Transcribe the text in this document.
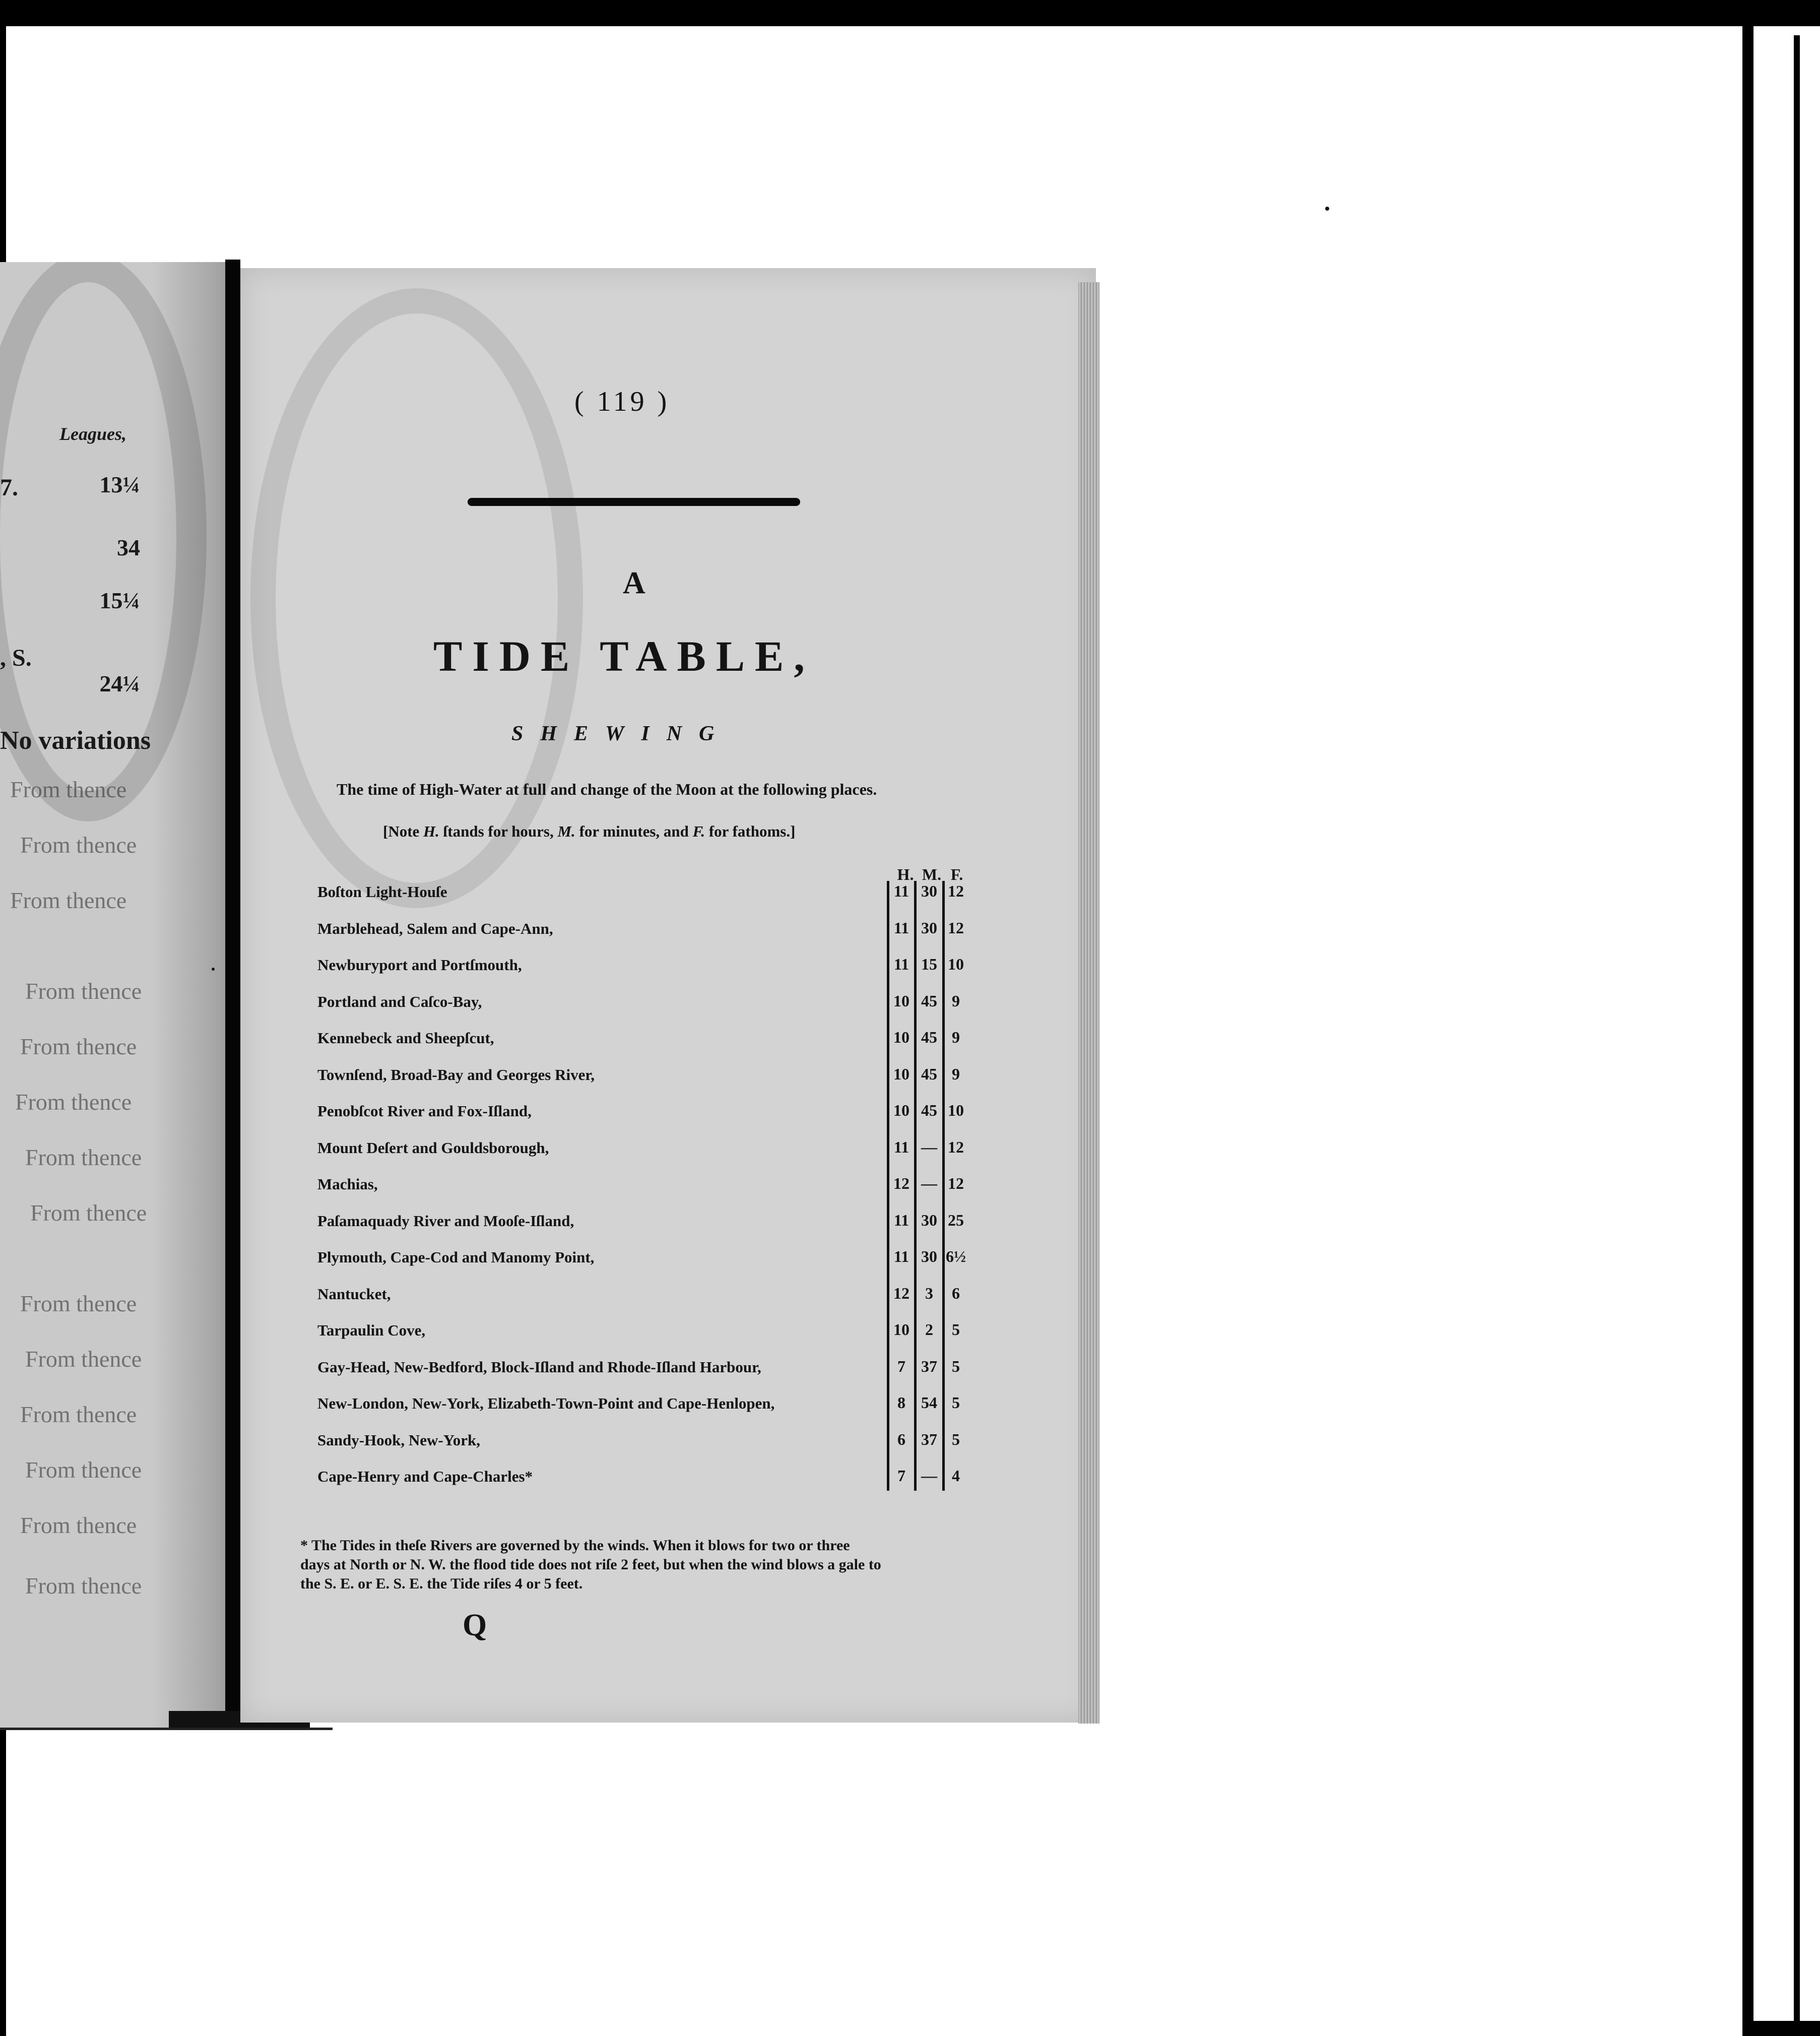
Leagues,
7.	13¼
34
15¼
, S.
24¼
No variations
From thence
From thence
From thence
From thence
From thence
From thence
From thence
From thence
From thence
From thence
From thence
From thence
From thence
From thence
( 119 )
A
TIDE TABLE,
SHEWING
The time of High-Water at full and change of the Moon at the following places.
[Note H. ſtands for hours, M. for minutes, and F. for fathoms.]
H. M. F.
Boſton Light-Houſe	11 30 12
Marblehead, Salem and Cape-Ann,	11 30 12
Newburyport and Portſmouth,	11 15 10
Portland and Caſco-Bay,	10 45 9
Kennebeck and Sheepſcut,	10 45 9
Townſend, Broad-Bay and Georges River,	10 45 9
Penobſcot River and Fox-Iſland,	10 45 10
Mount Deſert and Gouldsborough,	11 — 12
Machias,	12 — 12
Paſamaquady River and Mooſe-Iſland,	11 30 25
Plymouth, Cape-Cod and Manomy Point,	11 30 6½
Nantucket,	12 3	6
Tarpaulin Cove,	10 2	5
Gay-Head, New-Bedford, Block-Iſland and Rhode-Iſland Harbour,	7 37 5
New-London, New-York, Elizabeth-Town-Point and Cape-Henlopen,	8 54 5
Sandy-Hook, New-York,	6 37 5
Cape-Henry and Cape-Charles*	7 — 4
* The Tides in theſe Rivers are governed by the winds. When it blows for two or three
days at North or N. W. the flood tide does not riſe 2 feet, but when the wind blows a gale to
the S. E. or E. S. E. the Tide riſes 4 or 5 feet.
Q
